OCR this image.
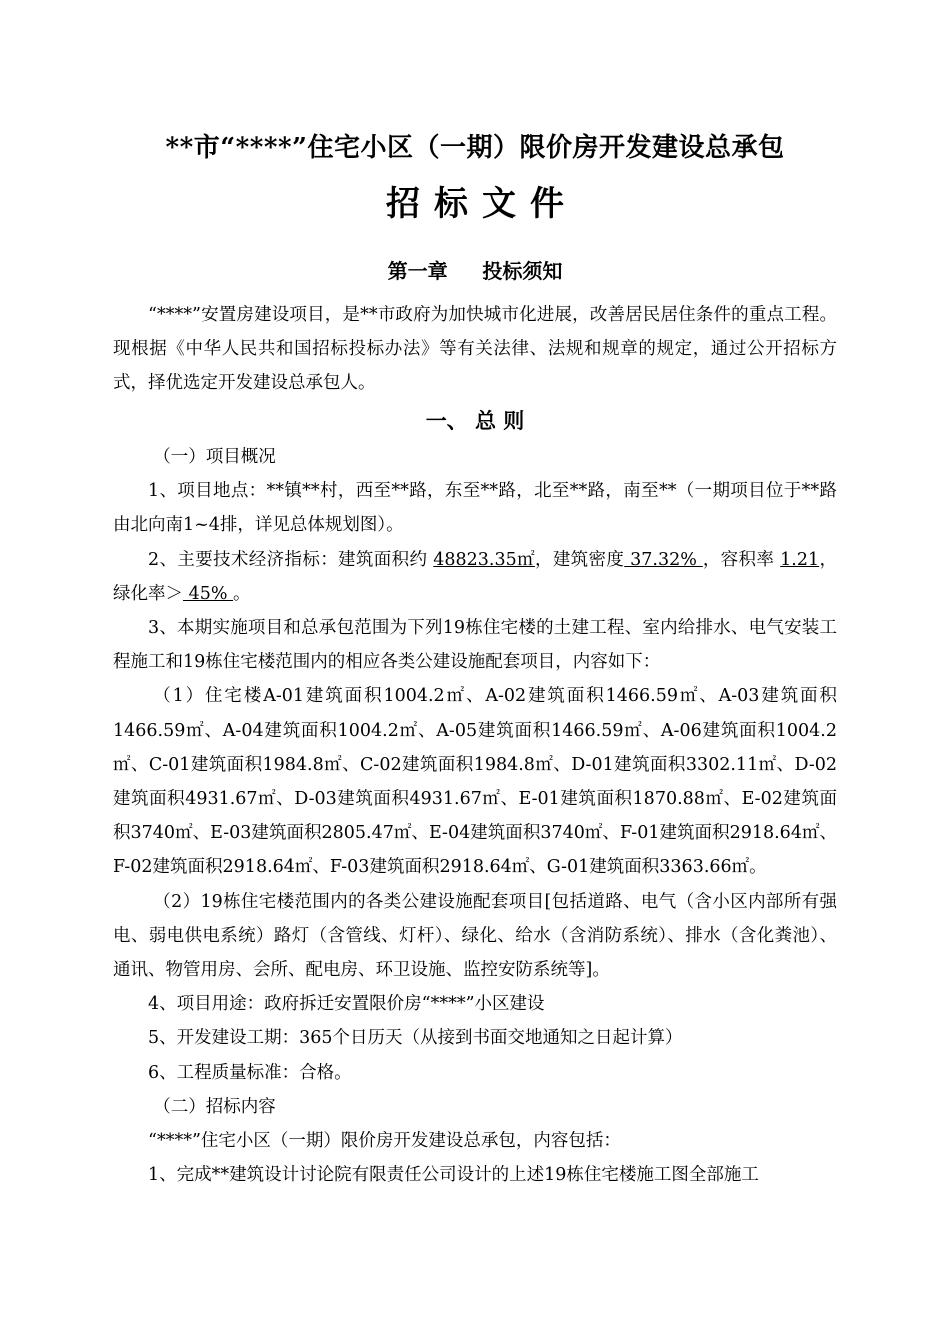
**市“****”住宅小区（一期）限价房开发建设总承包
招标文件
第一章     投标须知

“****”安置房建设项目，是**市政府为加快城市化进展，改善居民居住条件的重点工程。现根据《中华人民共和国招标投标办法》等有关法律、法规和规章的规定，通过公开招标方式，择优选定开发建设总承包人。

一、 总 则

（一）项目概况

1、项目地点：**镇**村，西至**路，东至**路，北至**路，南至**（一期项目位于**路由北向南1~4排，详见总体规划图）。

2、主要技术经济指标：建筑面积约 48823.35㎡，建筑密度 37.32% ，容积率 1.21，绿化率＞ 45% 。

3、本期实施项目和总承包范围为下列19栋住宅楼的土建工程、室内给排水、电气安装工程施工和19栋住宅楼范围内的相应各类公建设施配套项目，内容如下：

（1）住宅楼A-01建筑面积1004.2㎡、A-02建筑面积1466.59㎡、A-03建筑面积1466.59㎡、A-04建筑面积1004.2㎡、A-05建筑面积1466.59㎡、A-06建筑面积1004.2㎡、C-01建筑面积1984.8㎡、C-02建筑面积1984.8㎡、D-01建筑面积3302.11㎡、D-02建筑面积4931.67㎡、D-03建筑面积4931.67㎡、E-01建筑面积1870.88㎡、E-02建筑面积3740㎡、E-03建筑面积2805.47㎡、E-04建筑面积3740㎡、F-01建筑面积2918.64㎡、F-02建筑面积2918.64㎡、F-03建筑面积2918.64㎡、G-01建筑面积3363.66㎡。

（2）19栋住宅楼范围内的各类公建设施配套项目[包括道路、电气（含小区内部所有强电、弱电供电系统）路灯（含管线、灯杆）、绿化、给水（含消防系统）、排水（含化粪池）、通讯、物管用房、会所、配电房、环卫设施、监控安防系统等]。

4、项目用途：政府拆迁安置限价房“****”小区建设

5、开发建设工期：365个日历天（从接到书面交地通知之日起计算）

6、工程质量标准：合格。

（二）招标内容

“****”住宅小区（一期）限价房开发建设总承包，内容包括：

1、完成**建筑设计讨论院有限责任公司设计的上述19栋住宅楼施工图全部施工
